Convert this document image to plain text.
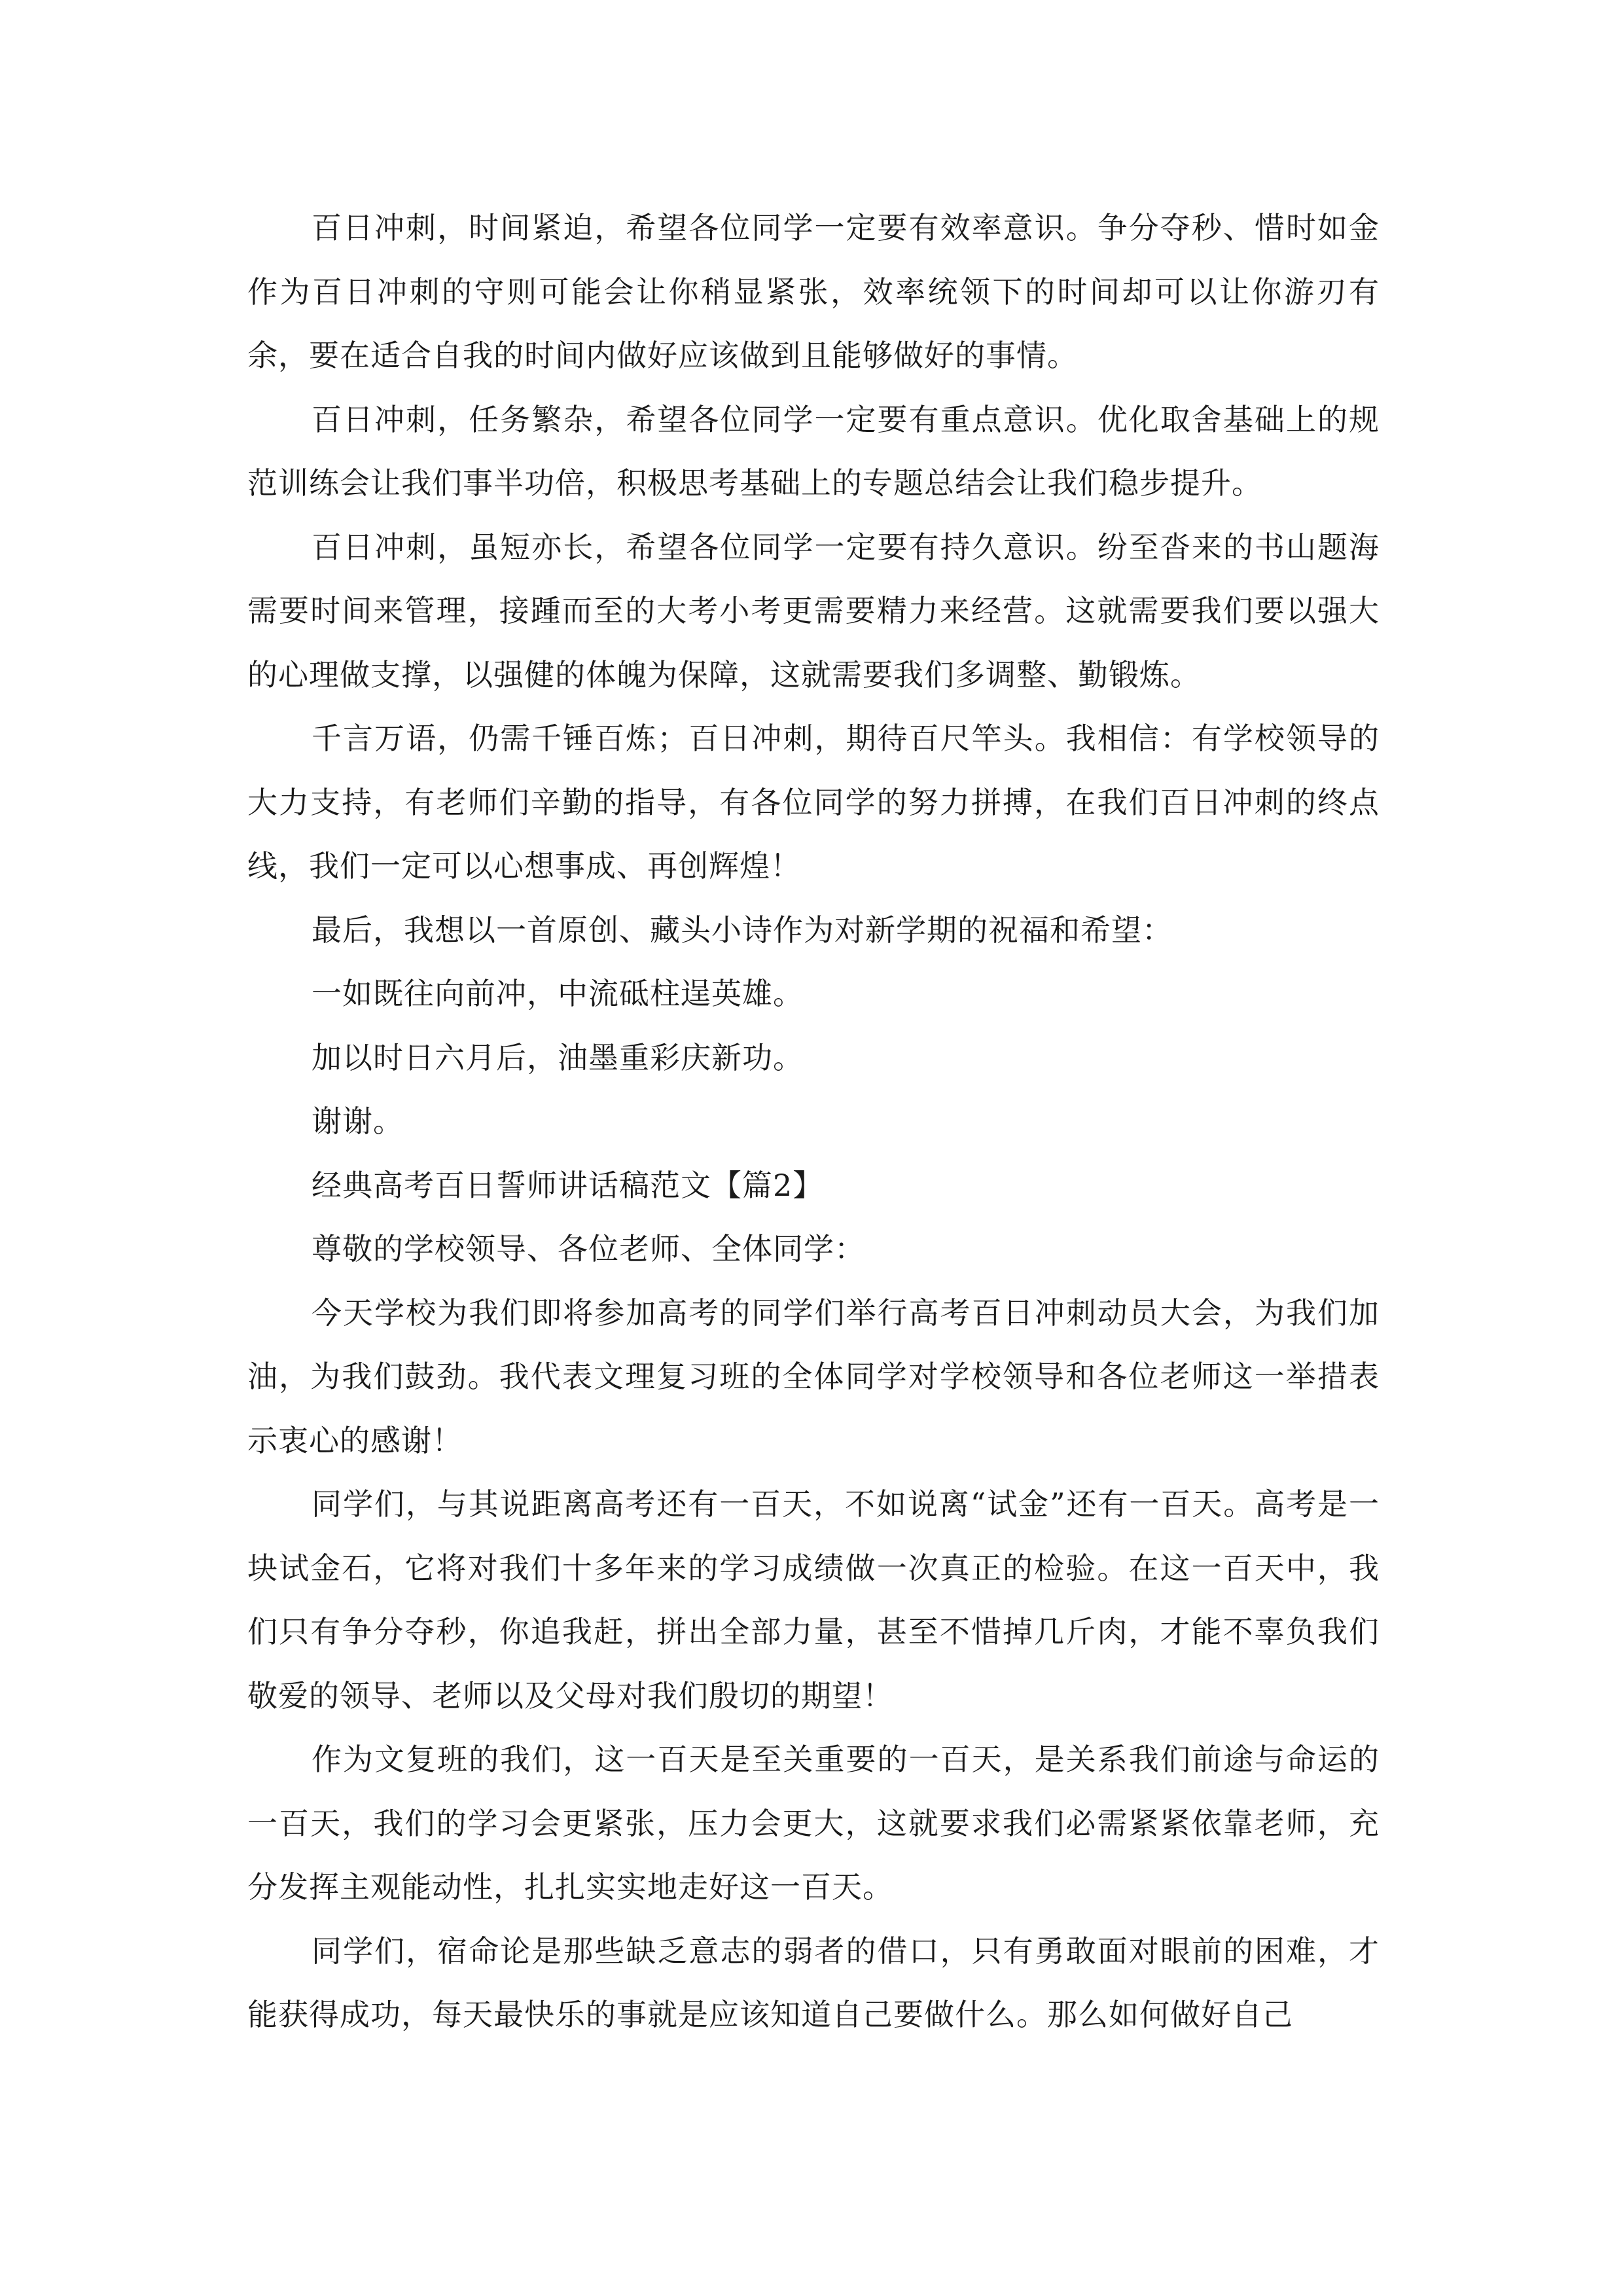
百日冲刺，时间紧迫，希望各位同学一定要有效率意识。争分夺秒、惜时如金作为百日冲刺的守则可能会让你稍显紧张，效率统领下的时间却可以让你游刃有余，要在适合自我的时间内做好应该做到且能够做好的事情。

百日冲刺，任务繁杂，希望各位同学一定要有重点意识。优化取舍基础上的规范训练会让我们事半功倍，积极思考基础上的专题总结会让我们稳步提升。

百日冲刺，虽短亦长，希望各位同学一定要有持久意识。纷至沓来的书山题海需要时间来管理，接踵而至的大考小考更需要精力来经营。这就需要我们要以强大的心理做支撑，以强健的体魄为保障，这就需要我们多调整、勤锻炼。

千言万语，仍需千锤百炼；百日冲刺，期待百尺竿头。我相信：有学校领导的大力支持，有老师们辛勤的指导，有各位同学的努力拼搏，在我们百日冲刺的终点线，我们一定可以心想事成、再创辉煌！

最后，我想以一首原创、藏头小诗作为对新学期的祝福和希望：

一如既往向前冲，中流砥柱逞英雄。

加以时日六月后，油墨重彩庆新功。

谢谢。

经典高考百日誓师讲话稿范文【篇2】

尊敬的学校领导、各位老师、全体同学：

今天学校为我们即将参加高考的同学们举行高考百日冲刺动员大会，为我们加油，为我们鼓劲。我代表文理复习班的全体同学对学校领导和各位老师这一举措表示衷心的感谢！

同学们，与其说距离高考还有一百天，不如说离“试金”还有一百天。高考是一块试金石，它将对我们十多年来的学习成绩做一次真正的检验。在这一百天中，我们只有争分夺秒，你追我赶，拼出全部力量，甚至不惜掉几斤肉，才能不辜负我们敬爱的领导、老师以及父母对我们殷切的期望！

作为文复班的我们，这一百天是至关重要的一百天，是关系我们前途与命运的一百天，我们的学习会更紧张，压力会更大，这就要求我们必需紧紧依靠老师，充分发挥主观能动性，扎扎实实地走好这一百天。

同学们，宿命论是那些缺乏意志的弱者的借口，只有勇敢面对眼前的困难，才能获得成功，每天最快乐的事就是应该知道自己要做什么。那么如何做好自己
